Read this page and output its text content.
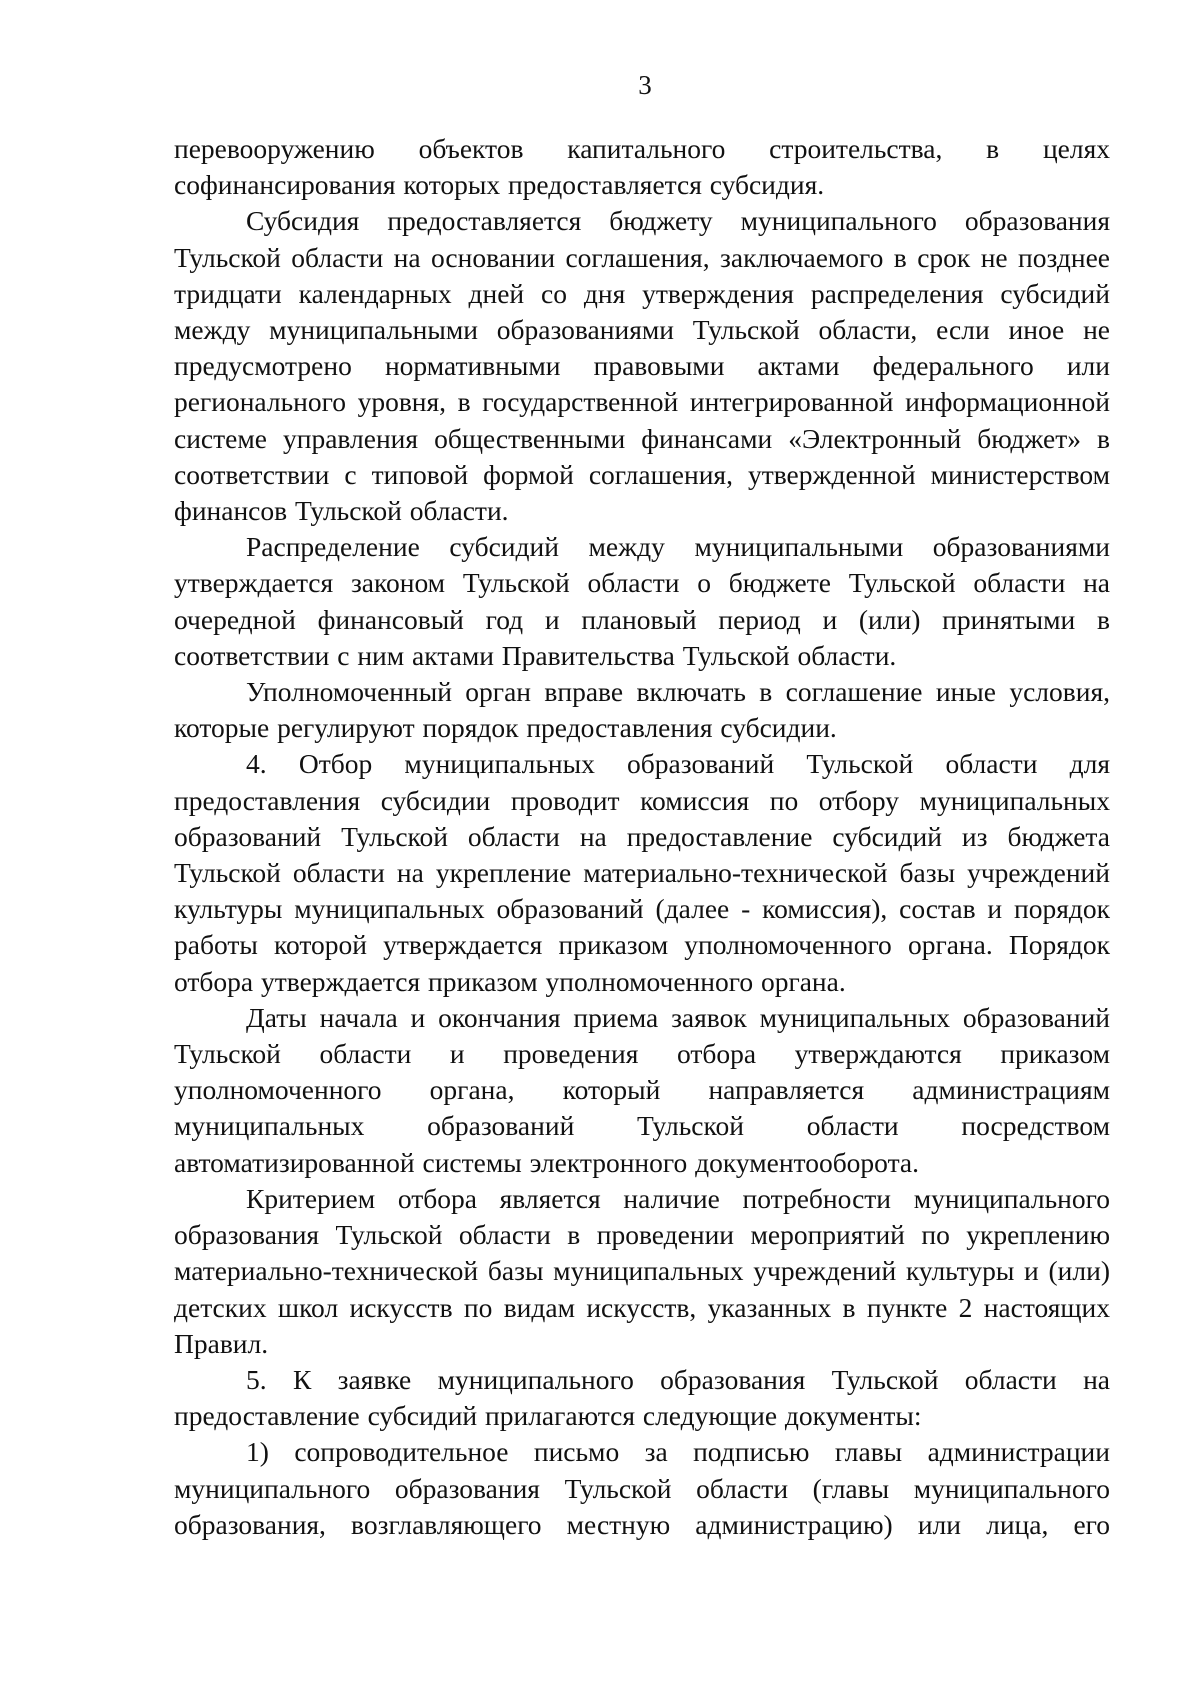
3

перевооружению объектов капитального строительства, в целях

софинансирования которых предоставляется субсидия.

Субсидия предоставляется бюджету муниципального образования

Тульской области на основании соглашения, заключаемого в срок не позднее

тридцати календарных дней со дня утверждения распределения субсидий

между муниципальными образованиями Тульской области, если иное не

предусмотрено нормативными правовыми актами федерального или

регионального уровня, в государственной интегрированной информационной

системе управления общественными финансами «Электронный бюджет» в

соответствии с типовой формой соглашения, утвержденной министерством

финансов Тульской области.

Распределение субсидий между муниципальными образованиями

утверждается законом Тульской области о бюджете Тульской области на

очередной финансовый год и плановый период и (или) принятыми в

соответствии с ним актами Правительства Тульской области.

Уполномоченный орган вправе включать в соглашение иные условия,

которые регулируют порядок предоставления субсидии.

4. Отбор муниципальных образований Тульской области для

предоставления субсидии проводит комиссия по отбору муниципальных

образований Тульской области на предоставление субсидий из бюджета

Тульской области на укрепление материально-технической базы учреждений

культуры муниципальных образований (далее - комиссия), состав и порядок

работы которой утверждается приказом уполномоченного органа. Порядок

отбора утверждается приказом уполномоченного органа.

Даты начала и окончания приема заявок муниципальных образований

Тульской области и проведения отбора утверждаются приказом

уполномоченного органа, который направляется администрациям

муниципальных образований Тульской области посредством

автоматизированной системы электронного документооборота.

Критерием отбора является наличие потребности муниципального

образования Тульской области в проведении мероприятий по укреплению

материально-технической базы муниципальных учреждений культуры и (или)

детских школ искусств по видам искусств, указанных в пункте 2 настоящих

Правил.

5. К заявке муниципального образования Тульской области на

предоставление субсидий прилагаются следующие документы:

1) сопроводительное письмо за подписью главы администрации

муниципального образования Тульской области (главы муниципального

образования, возглавляющего местную администрацию) или лица, его
